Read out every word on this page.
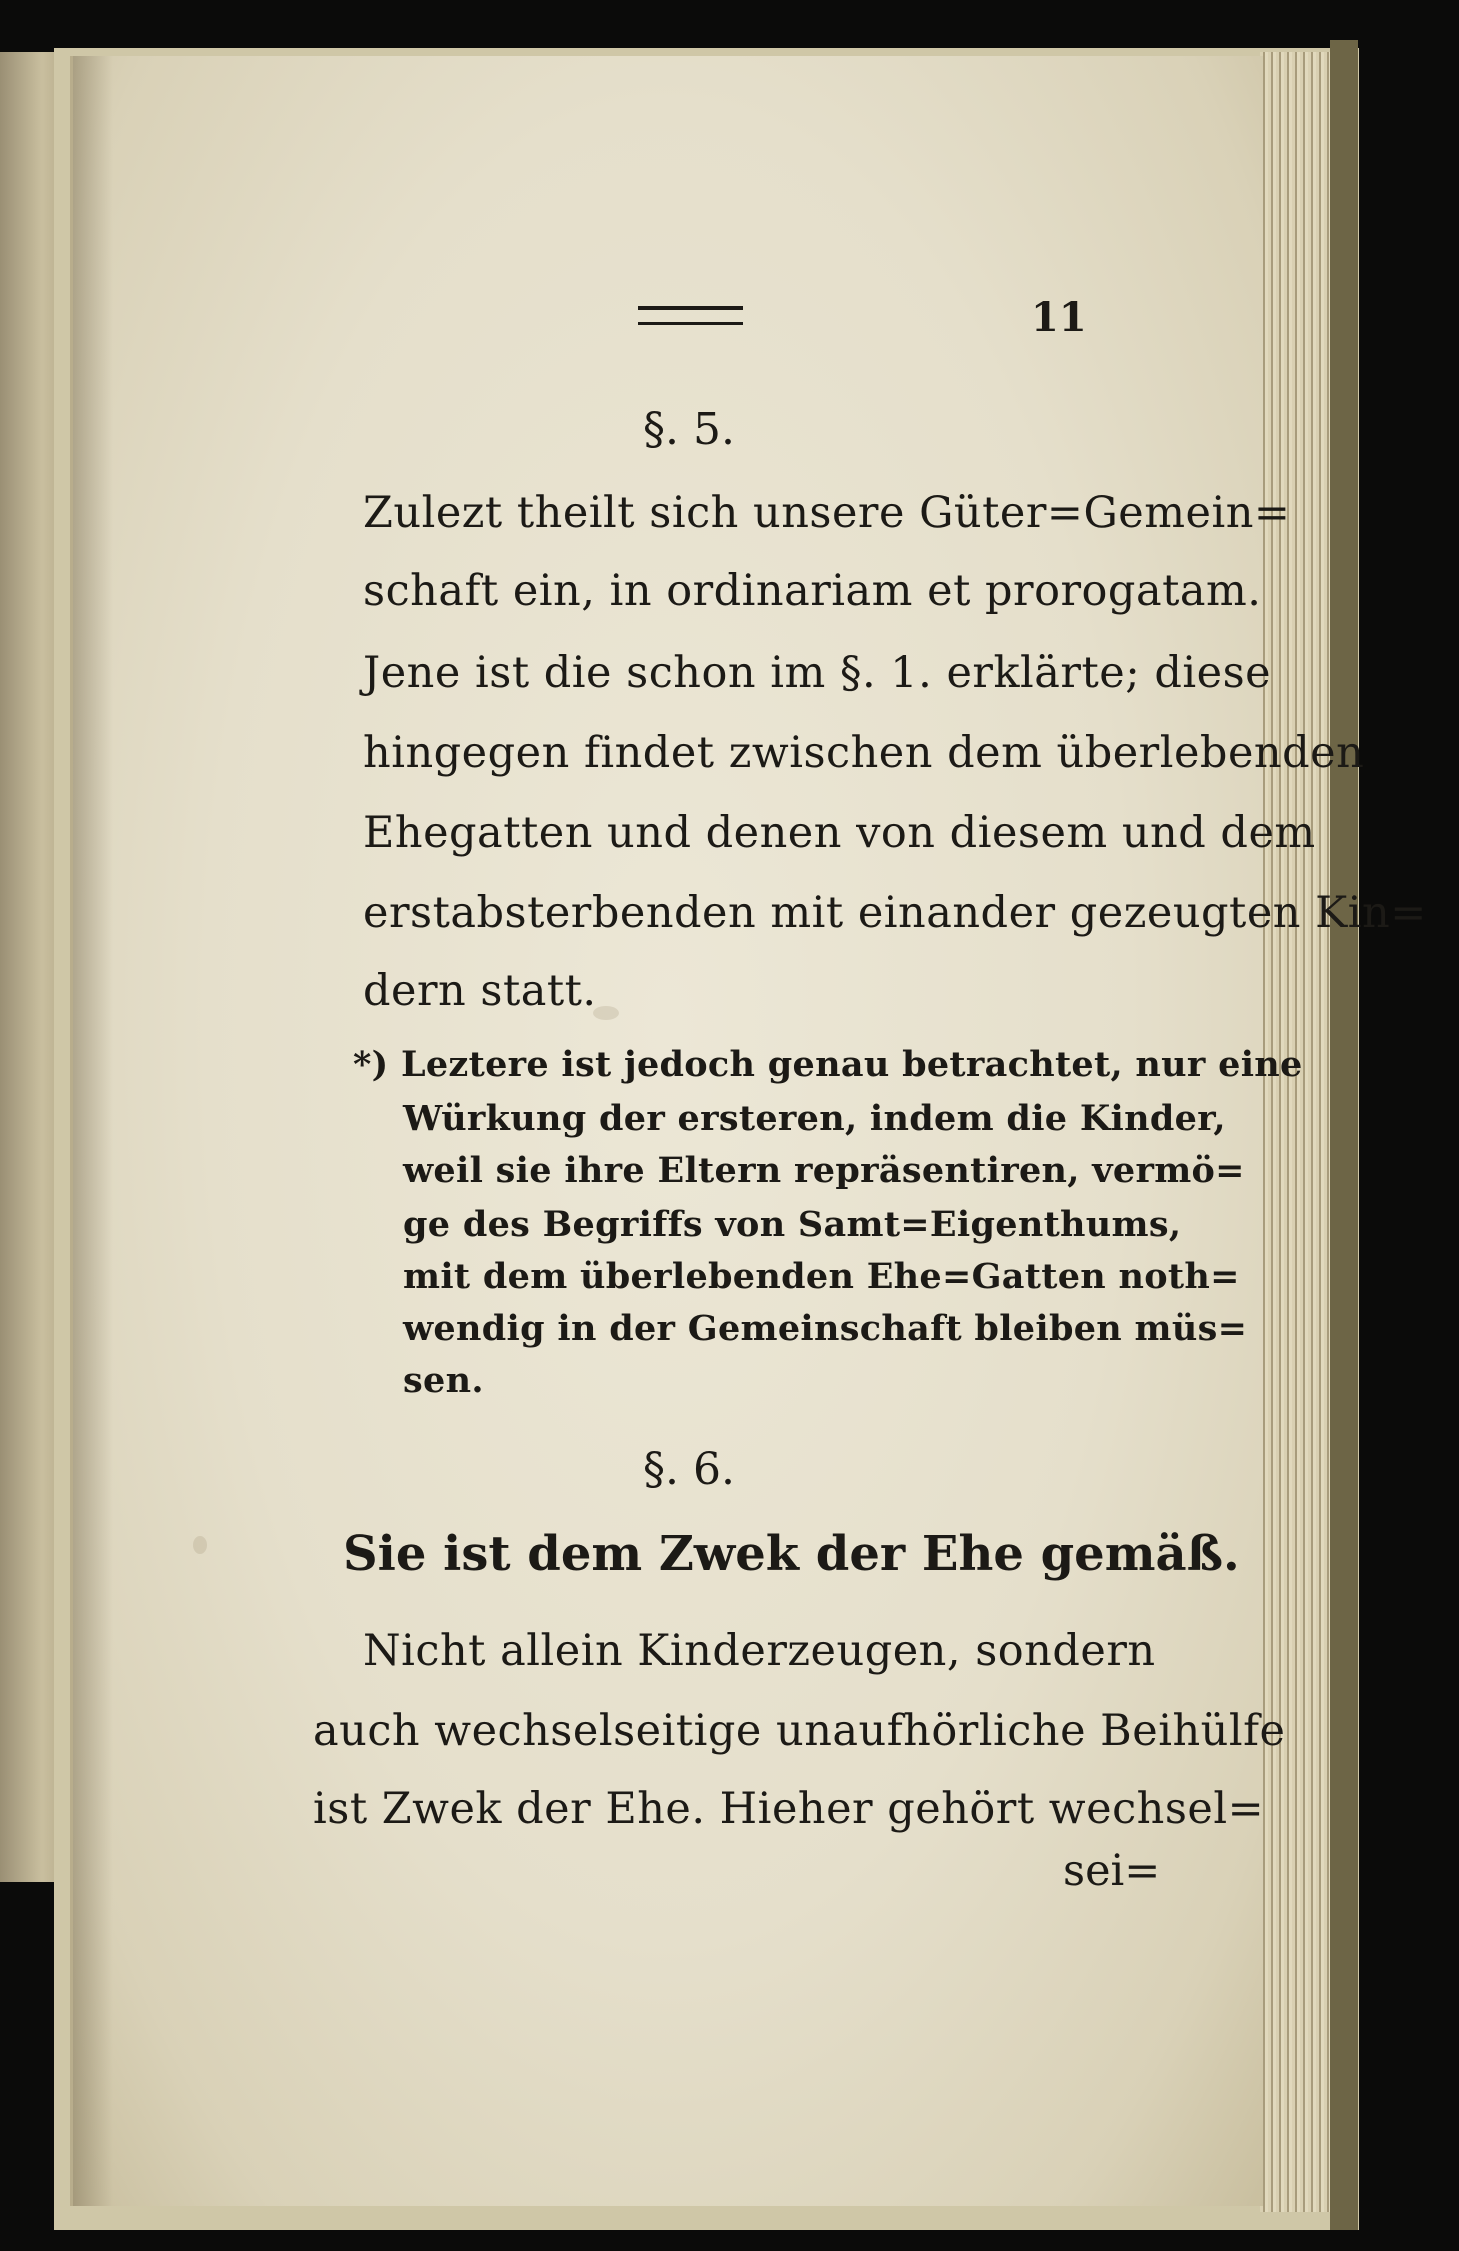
11
§. 5.
Zulezt theilt sich unsere Güter=Gemein=
schaft ein, in ordinariam et prorogatam.
Jene ist die schon im §. 1. erklärte; diese
hingegen findet zwischen dem überlebenden
Ehegatten und denen von diesem und dem
erstabsterbenden mit einander gezeugten Kin=
dern statt.
*) Leztere ist jedoch genau betrachtet, nur eine
Würkung der ersteren, indem die Kinder,
weil sie ihre Eltern repräsentiren, vermö=
ge des Begriffs von Samt=Eigenthums,
mit dem überlebenden Ehe=Gatten noth=
wendig in der Gemeinschaft bleiben müs=
sen.
§. 6.
Sie ist dem Zwek der Ehe gemäß.
Nicht allein Kinderzeugen, sondern
auch wechselseitige unaufhörliche Beihülfe
ist Zwek der Ehe. Hieher gehört wechsel=
sei=
